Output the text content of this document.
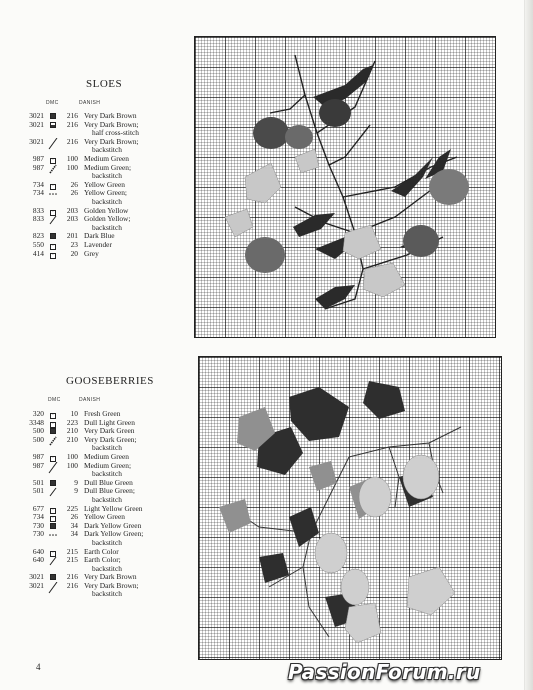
SLOES
DMC	DANISH
3021	216 Very Dark Brown
3021	216 Very Dark Brown;
half cross-stitch
3021	216 Very Dark Brown;
backstitch
987	·	100 Medium Green
987	100 Medium Green;
backstitch
734	·	26 Yellow Green
734	26 Yellow Green;
backstitch
833	·	203 Golden Yellow
833	203 Golden Yellow;
backstitch
823	201 Dark Blue
550	·	23 Lavender
414	·	20 Grey
GOOSEBERRIES
DMC	DANISH
320	·	10 Fresh Green
3348	·	223 Dull Light Green
500	210 Very Dark Green
500	210 Very Dark Green;
backstitch
987	·	100 Medium Green
987	100 Medium Green;
backstitch
501	9 Dull Blue Green
501	9 Dull Blue Green;
backstitch
677	·	225 Light Yellow Green
734	·	26 Yellow Green
730	34 Dark Yellow Green
730	34 Dark Yellow Green;
backstitch
640	·	215 Earth Color
640	215 Earth Color;
backstitch
3021	216 Very Dark Brown
3021	216 Very Dark Brown;
backstitch
4	PassionForum.ru
